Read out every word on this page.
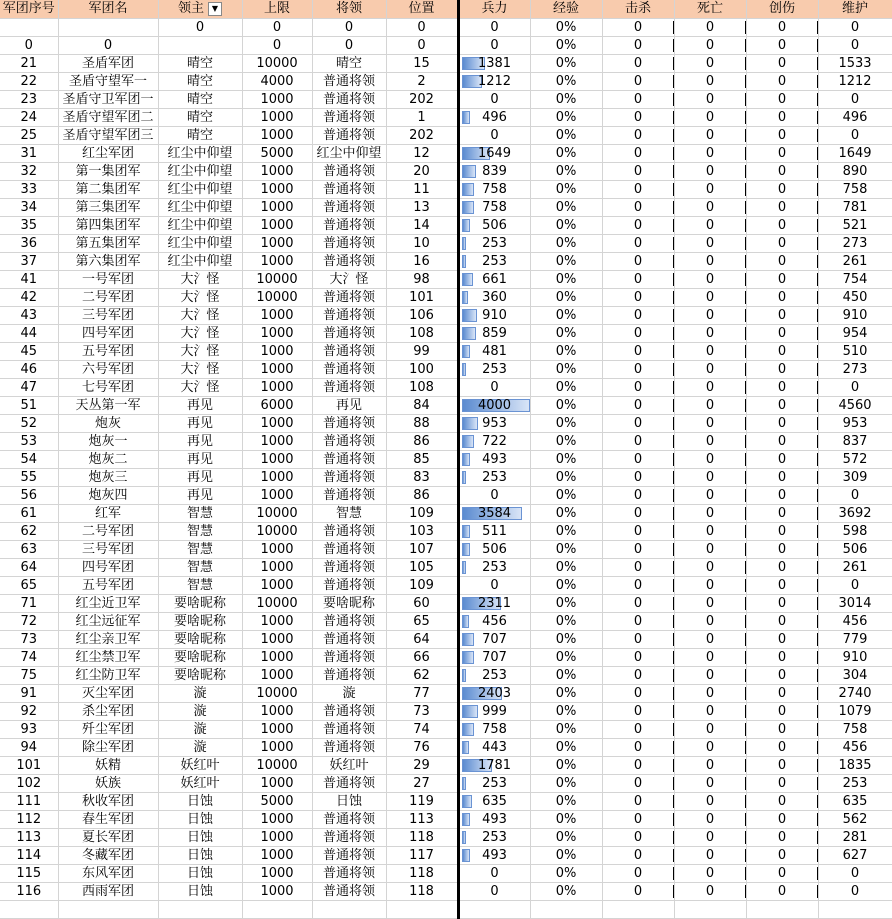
军团序号	军团名	领主 ▼	上限	将领	位置	兵力	经验	击杀	死亡	创伤	维护
		0	0	0	0	0	0%	0	0	0	0
0	0		0	0	0	0	0%	0	0	0	0
21	圣盾军团	晴空	10000	晴空	15	1381	0%	0	0	0	1533
22	圣盾守望军一	晴空	4000	普通将领	2	1212	0%	0	0	0	1212
23	圣盾守卫军团一	晴空	1000	普通将领	202	0	0%	0	0	0	0
24	圣盾守望军团二	晴空	1000	普通将领	1	496	0%	0	0	0	496
25	圣盾守望军团三	晴空	1000	普通将领	202	0	0%	0	0	0	0
31	红尘军团	红尘中仰望	5000	红尘中仰望	12	1649	0%	0	0	0	1649
32	第一集团军	红尘中仰望	1000	普通将领	20	839	0%	0	0	0	890
33	第二集团军	红尘中仰望	1000	普通将领	11	758	0%	0	0	0	758
34	第三集团军	红尘中仰望	1000	普通将领	13	758	0%	0	0	0	781
35	第四集团军	红尘中仰望	1000	普通将领	14	506	0%	0	0	0	521
36	第五集团军	红尘中仰望	1000	普通将领	10	253	0%	0	0	0	273
37	第六集团军	红尘中仰望	1000	普通将领	16	253	0%	0	0	0	261
41	一号军团	大氵怪	10000	大氵怪	98	661	0%	0	0	0	754
42	二号军团	大氵怪	10000	普通将领	101	360	0%	0	0	0	450
43	三号军团	大氵怪	1000	普通将领	106	910	0%	0	0	0	910
44	四号军团	大氵怪	1000	普通将领	108	859	0%	0	0	0	954
45	五号军团	大氵怪	1000	普通将领	99	481	0%	0	0	0	510
46	六号军团	大氵怪	1000	普通将领	100	253	0%	0	0	0	273
47	七号军团	大氵怪	1000	普通将领	108	0	0%	0	0	0	0
51	天丛第一军	再见	6000	再见	84	4000	0%	0	0	0	4560
52	炮灰	再见	1000	普通将领	88	953	0%	0	0	0	953
53	炮灰一	再见	1000	普通将领	86	722	0%	0	0	0	837
54	炮灰二	再见	1000	普通将领	85	493	0%	0	0	0	572
55	炮灰三	再见	1000	普通将领	83	253	0%	0	0	0	309
56	炮灰四	再见	1000	普通将领	86	0	0%	0	0	0	0
61	红军	智慧	10000	智慧	109	3584	0%	0	0	0	3692
62	二号军团	智慧	10000	普通将领	103	511	0%	0	0	0	598
63	三号军团	智慧	1000	普通将领	107	506	0%	0	0	0	506
64	四号军团	智慧	1000	普通将领	105	253	0%	0	0	0	261
65	五号军团	智慧	1000	普通将领	109	0	0%	0	0	0	0
71	红尘近卫军	要啥昵称	10000	要啥昵称	60	2311	0%	0	0	0	3014
72	红尘远征军	要啥昵称	1000	普通将领	65	456	0%	0	0	0	456
73	红尘亲卫军	要啥昵称	1000	普通将领	64	707	0%	0	0	0	779
74	红尘禁卫军	要啥昵称	1000	普通将领	66	707	0%	0	0	0	910
75	红尘防卫军	要啥昵称	1000	普通将领	62	253	0%	0	0	0	304
91	灭尘军团	漩	10000	漩	77	2403	0%	0	0	0	2740
92	杀尘军团	漩	1000	普通将领	73	999	0%	0	0	0	1079
93	歼尘军团	漩	1000	普通将领	74	758	0%	0	0	0	758
94	除尘军团	漩	1000	普通将领	76	443	0%	0	0	0	456
101	妖精	妖红叶	10000	妖红叶	29	1781	0%	0	0	0	1835
102	妖族	妖红叶	1000	普通将领	27	253	0%	0	0	0	253
111	秋收军团	日蚀	5000	日蚀	119	635	0%	0	0	0	635
112	春生军团	日蚀	1000	普通将领	113	493	0%	0	0	0	562
113	夏长军团	日蚀	1000	普通将领	118	253	0%	0	0	0	281
114	冬藏军团	日蚀	1000	普通将领	117	493	0%	0	0	0	627
115	东风军团	日蚀	1000	普通将领	118	0	0%	0	0	0	0
116	西雨军团	日蚀	1000	普通将领	118	0	0%	0	0	0	0
